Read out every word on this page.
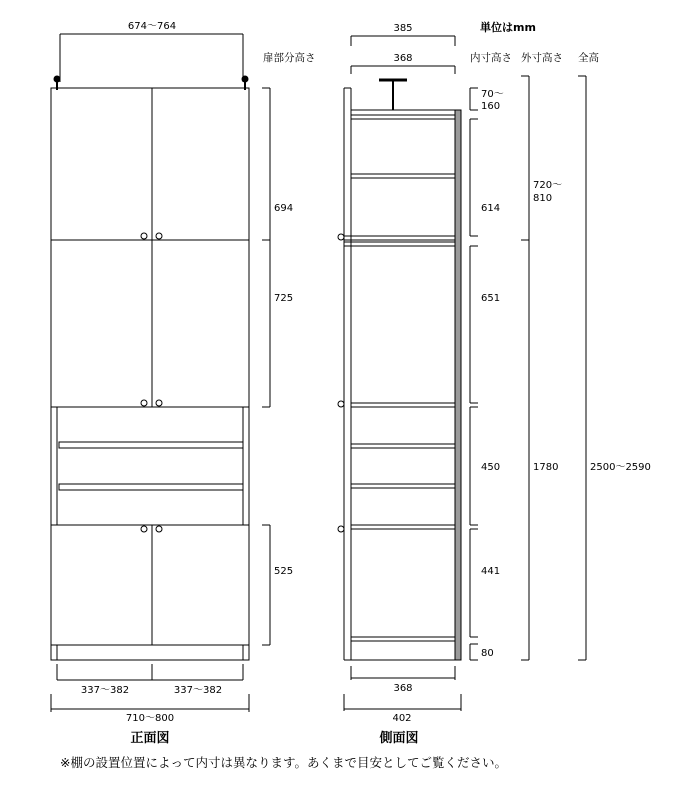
単位はmm
扉部分高さ	内寸高さ 外寸高さ 全高
674～764
694
725
525
337～382	337～382
710～800
正面図
385
368
70～ 160
614
651
450
441
80
720～ 810
1780	2500～2590
368
402
側面図
※棚の設置位置によって内寸は異なります。あくまで目安としてご覧ください。
